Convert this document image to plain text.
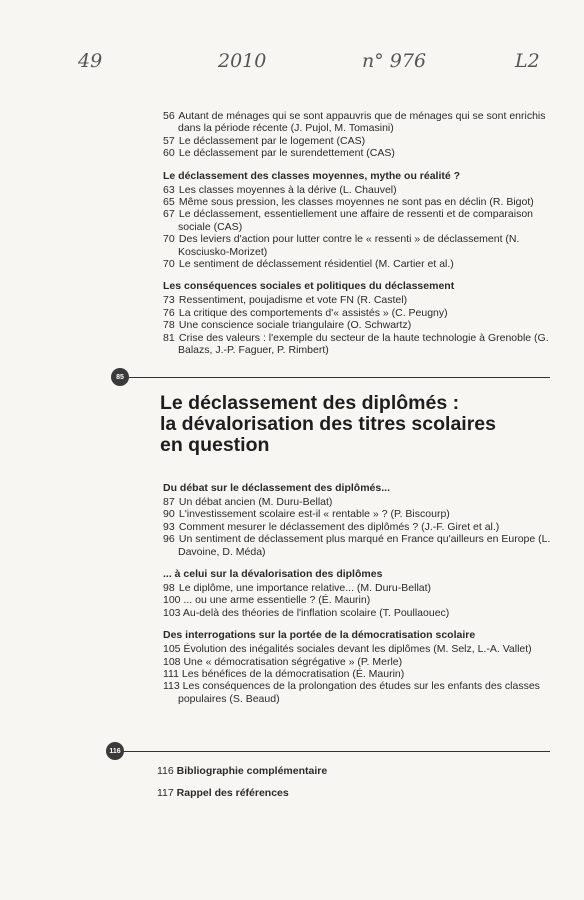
49	2010	n° 976	L2
56 Autant de ménages qui se sont appauvris que de ménages qui se sont enrichis dans la période récente (J. Pujol, M. Tomasini)
57 Le déclassement par le logement (CAS)
60 Le déclassement par le surendettement (CAS)
Le déclassement des classes moyennes, mythe ou réalité ?
63 Les classes moyennes à la dérive (L. Chauvel)
65 Même sous pression, les classes moyennes ne sont pas en déclin (R. Bigot)
67 Le déclassement, essentiellement une affaire de ressenti et de comparaison sociale (CAS)
70 Des leviers d'action pour lutter contre le « ressenti » de déclassement (N. Kosciusko-Morizet)
70 Le sentiment de déclassement résidentiel (M. Cartier et al.)
Les conséquences sociales et politiques du déclassement
73 Ressentiment, poujadisme et vote FN (R. Castel)
76 La critique des comportements d'« assistés » (C. Peugny)
78 Une conscience sociale triangulaire (O. Schwartz)
81 Crise des valeurs : l'exemple du secteur de la haute technologie à Grenoble (G. Balazs, J.-P. Faguer, P. Rimbert)
85
Le déclassement des diplômés :
la dévalorisation des titres scolaires
en question
Du débat sur le déclassement des diplômés...
87 Un débat ancien (M. Duru-Bellat)
90 L'investissement scolaire est-il « rentable » ? (P. Biscourp)
93 Comment mesurer le déclassement des diplômés ? (J.-F. Giret et al.)
96 Un sentiment de déclassement plus marqué en France qu'ailleurs en Europe (L. Davoine, D. Méda)
... à celui sur la dévalorisation des diplômes
98 Le diplôme, une importance relative... (M. Duru-Bellat)
100 ... ou une arme essentielle ? (É. Maurin)
103 Au-delà des théories de l'inflation scolaire (T. Poullaouec)
Des interrogations sur la portée de la démocratisation scolaire
105 Évolution des inégalités sociales devant les diplômes (M. Selz, L.-A. Vallet)
108 Une « démocratisation ségrégative » (P. Merle)
111 Les bénéfices de la démocratisation (É. Maurin)
113 Les conséquences de la prolongation des études sur les enfants des classes populaires (S. Beaud)
116
116 Bibliographie complémentaire
117 Rappel des références
